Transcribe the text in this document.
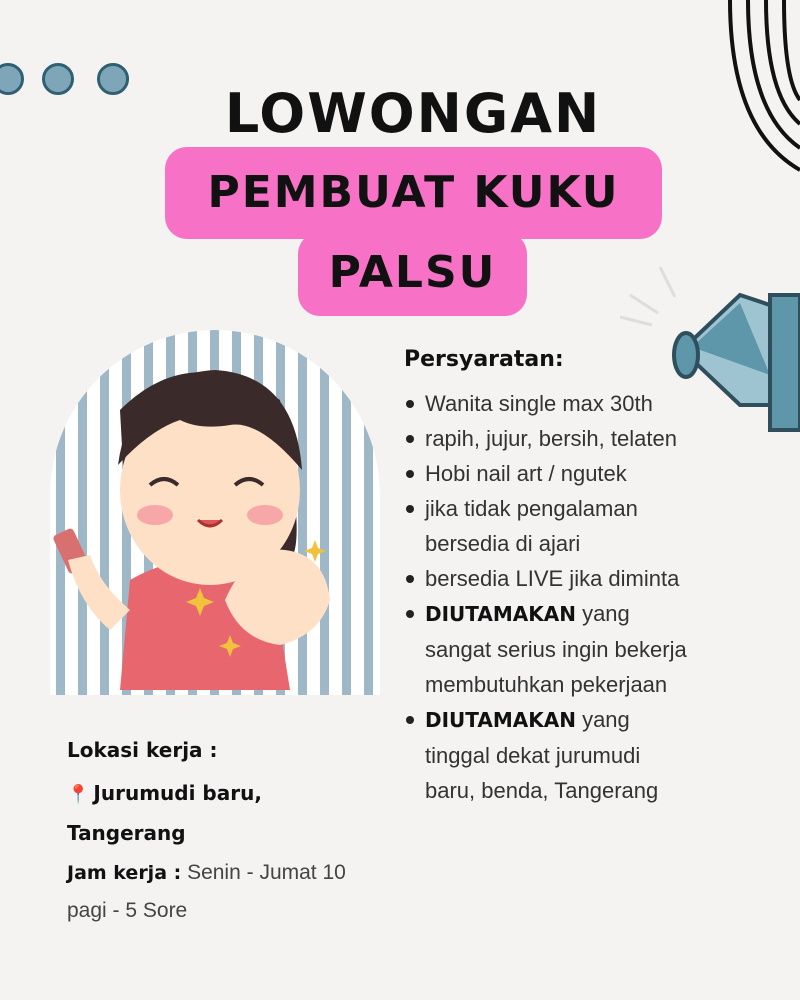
LOWONGAN
PEMBUAT KUKU
PALSU
Persyaratan:
Wanita single max 30th
rapih, jujur, bersih, telaten
Hobi nail art / ngutek
jika tidak pengalaman
bersedia di ajari
bersedia LIVE jika diminta
DIUTAMAKAN yang
sangat serius ingin bekerja
membutuhkan pekerjaan
DIUTAMAKAN yang
tinggal dekat jurumudi
baru, benda, Tangerang
Lokasi kerja :
📍 Jurumudi baru,
Tangerang
Jam kerja : Senin - Jumat 10
pagi - 5 Sore
